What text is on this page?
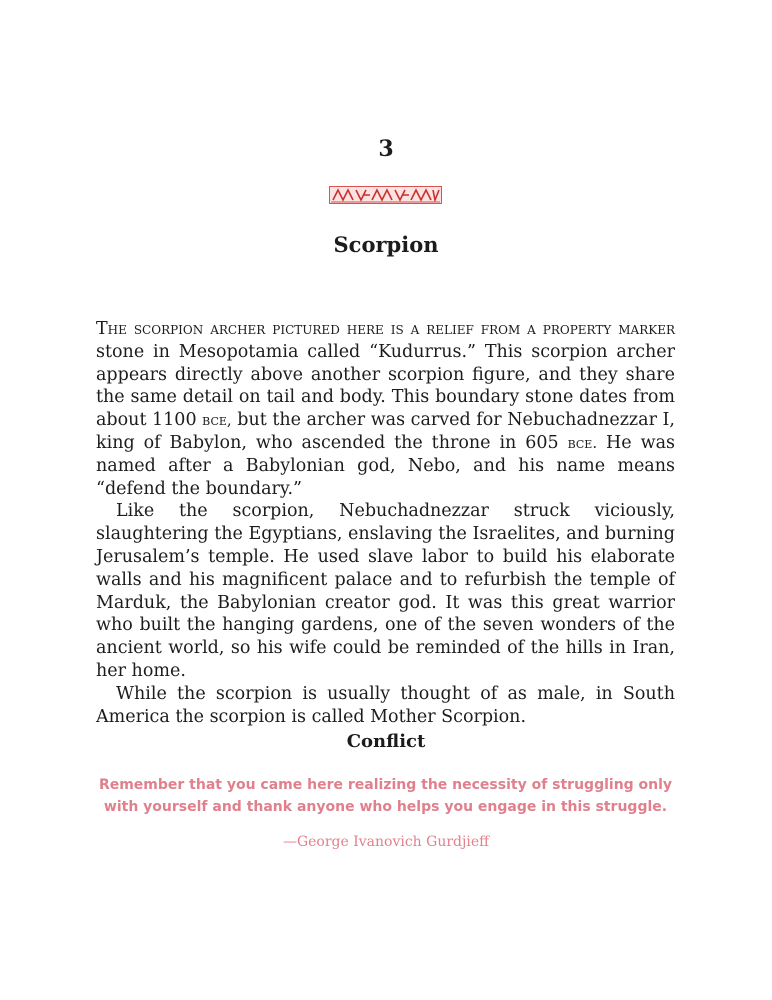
3
Scorpion

The scorpion archer pictured here is a relief from a property marker stone in Mesopotamia called “Kudurrus.” This scorpion archer appears directly above another scorpion figure, and they share the same detail on tail and body. This boundary stone dates from about 1100 bce, but the archer was carved for Nebuchadnezzar I, king of Babylon, who ascended the throne in 605 bce. He was named after a Babylonian god, Nebo, and his name means “defend the boundary.”

Like the scorpion, Nebuchadnezzar struck viciously, slaughtering the Egyptians, enslaving the Israelites, and burning Jerusalem’s temple. He used slave labor to build his elaborate walls and his magnificent palace and to refurbish the temple of Marduk, the Babylonian creator god. It was this great warrior who built the hanging gardens, one of the seven wonders of the ancient world, so his wife could be reminded of the hills in Iran, her home.

While the scorpion is usually thought of as male, in South America the scorpion is called Mother Scorpion.

Conflict
Remember that you came here realizing the necessity of struggling only with yourself and thank anyone who helps you engage in this struggle.
—George Ivanovich Gurdjieff
